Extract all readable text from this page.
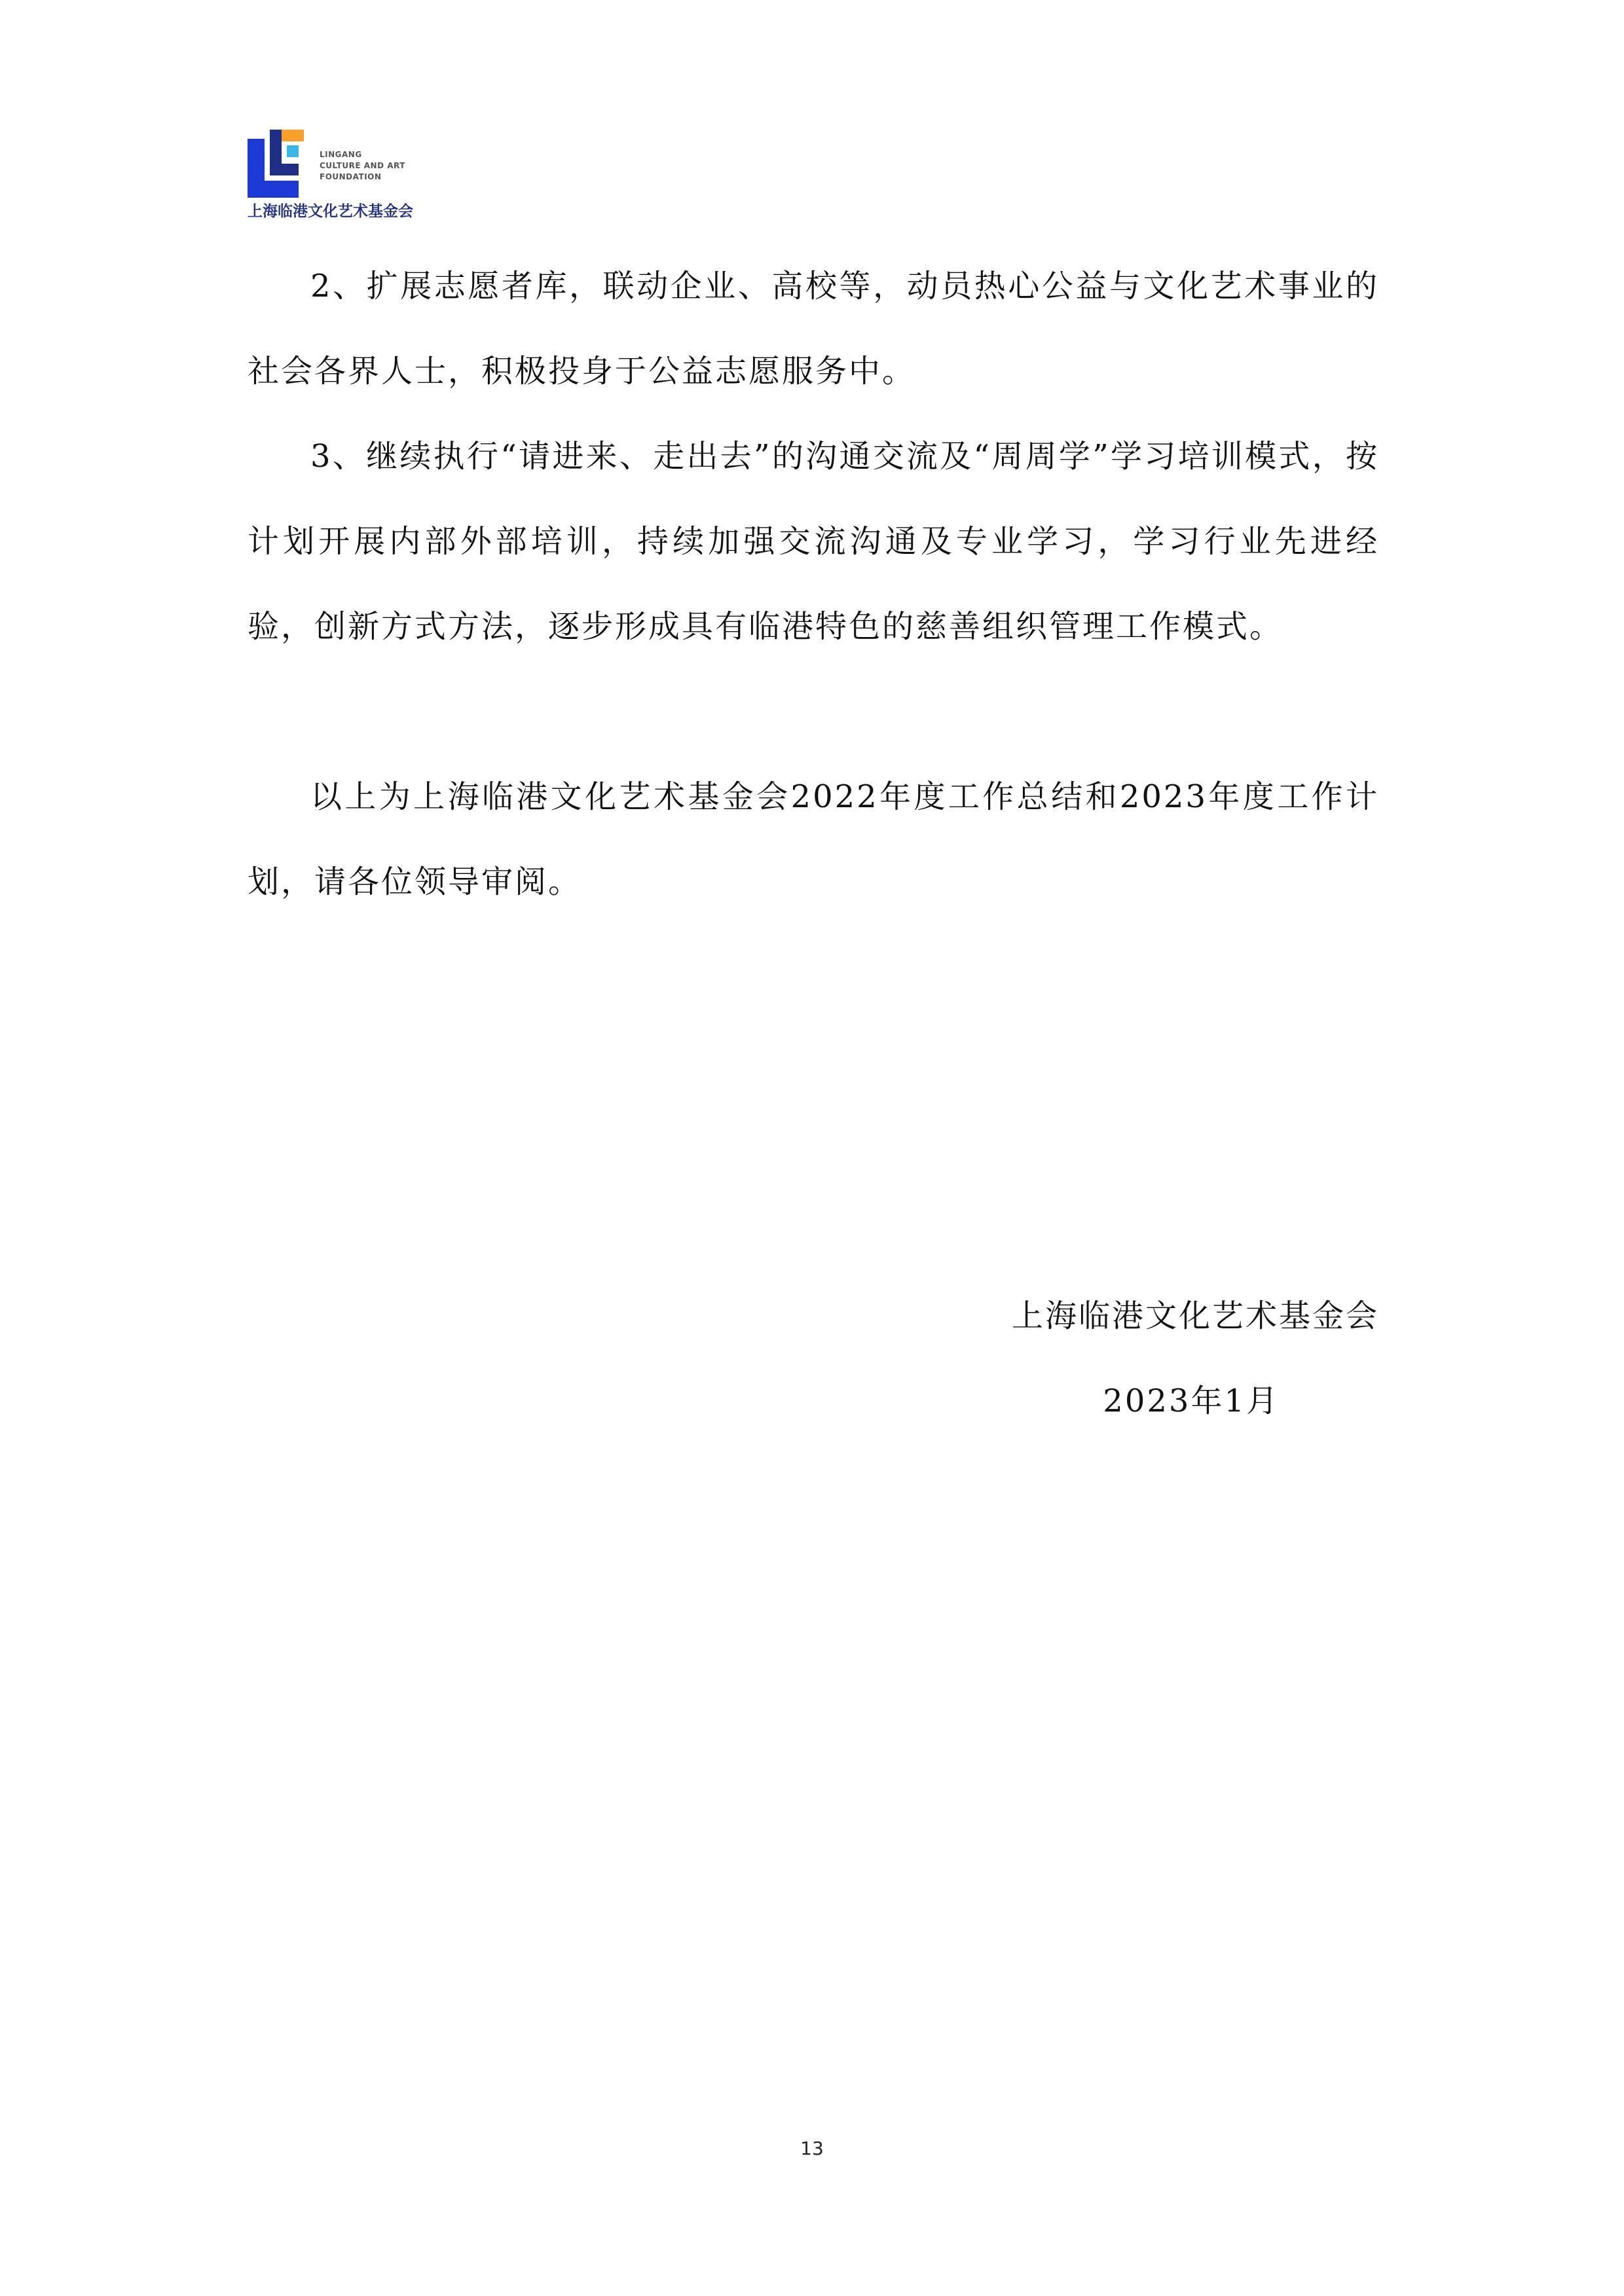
LINGANG
CULTURE AND ART
FOUNDATION
上海临港文化艺术基金会

2、扩展志愿者库，联动企业、高校等，动员热心公益与文化艺术事业的社会各界人士，积极投身于公益志愿服务中。

3、继续执行“请进来、走出去”的沟通交流及“周周学”学习培训模式，按计划开展内部外部培训，持续加强交流沟通及专业学习，学习行业先进经验，创新方式方法，逐步形成具有临港特色的慈善组织管理工作模式。

以上为上海临港文化艺术基金会2022年度工作总结和2023年度工作计划，请各位领导审阅。

上海临港文化艺术基金会
2023年1月
13
